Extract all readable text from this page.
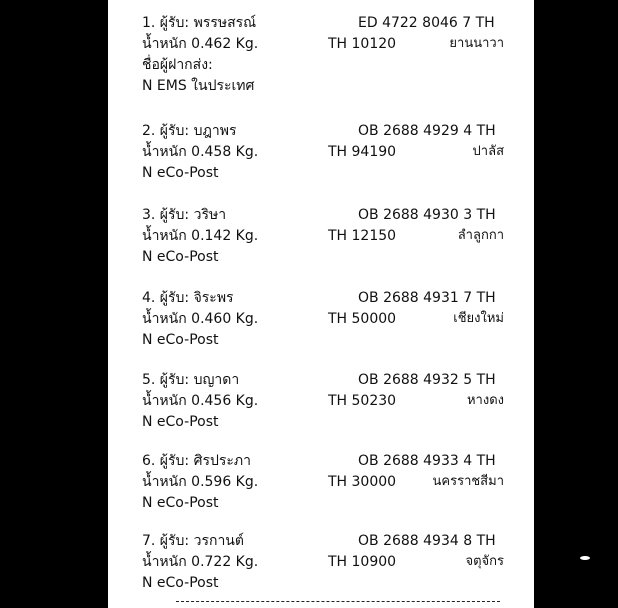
1. ผู้รับ: พรรษสรณ์	ED 4722 8046 7 TH
น้ำหนัก 0.462 Kg.	TH 10120	ยานนาวา
ชื่อผู้ฝากส่ง:
N EMS ในประเทศ
2. ผู้รับ: บฎาพร	OB 2688 4929 4 TH
น้ำหนัก 0.458 Kg.	TH 94190	ปาลัส
N eCo-Post
3. ผู้รับ: วริษา	OB 2688 4930 3 TH
น้ำหนัก 0.142 Kg.	TH 12150	ลำลูกกา
N eCo-Post
4. ผู้รับ: จิระพร	OB 2688 4931 7 TH
น้ำหนัก 0.460 Kg.	TH 50000	เชียงใหม่
N eCo-Post
5. ผู้รับ: บญาดา	OB 2688 4932 5 TH
น้ำหนัก 0.456 Kg.	TH 50230	หางดง
N eCo-Post
6. ผู้รับ: ศิรประภา	OB 2688 4933 4 TH
น้ำหนัก 0.596 Kg.	TH 30000	นครราชสีมา
N eCo-Post
7. ผู้รับ: วรกานต์	OB 2688 4934 8 TH
น้ำหนัก 0.722 Kg.	TH 10900	จตุจักร
N eCo-Post
